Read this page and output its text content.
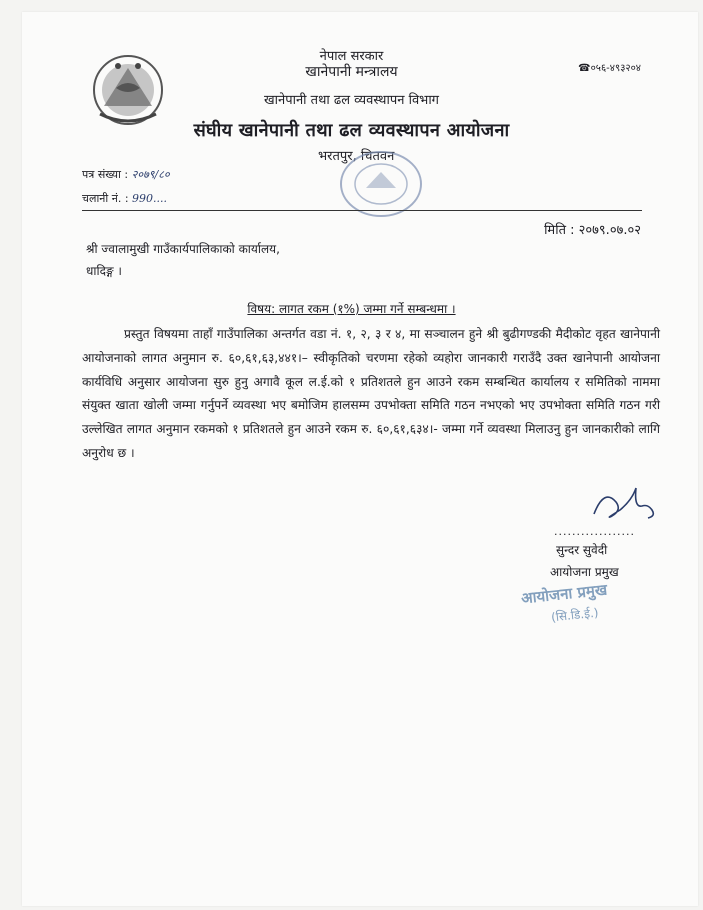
☎०५६-४९३२०४
नेपाल सरकार
खानेपानी मन्त्रालय
खानेपानी तथा ढल व्यवस्थापन विभाग
संघीय खानेपानी तथा ढल व्यवस्थापन आयोजना
भरतपुर, चितवन
पत्र संख्या : २०७९/८०
चलानी नं. : 990....
मिति : २०७९.०७.०२
श्री ज्वालामुखी गाउँकार्यपालिकाको कार्यालय,
धादिङ्ग ।
विषय: लागत रकम (१%) जम्मा गर्ने सम्बन्धमा ।
प्रस्तुत विषयमा ताहाँ गाउँपालिका अन्तर्गत वडा नं. १, २, ३ र ४, मा सञ्चालन हुने श्री बुढीगण्डकी मैदीकोट वृहत खानेपानी आयोजनाको लागत अनुमान रु. ६०,६१,६३,४४१।– स्वीकृतिको चरणमा रहेको व्यहोरा जानकारी गराउँदै उक्त खानेपानी आयोजना कार्यविधि अनुसार आयोजना सुरु हुनु अगावै कूल ल.ई.को १ प्रतिशतले हुन आउने रकम सम्बन्धित कार्यालय र समितिको नाममा संयुक्त खाता खोली जम्मा गर्नुपर्ने व्यवस्था भए बमोजिम हालसम्म उपभोक्ता समिति गठन नभएको भए उपभोक्ता समिति गठन गरी उल्लेखित लागत अनुमान रकमको १ प्रतिशतले हुन आउने रकम रु. ६०,६१,६३४।- जम्मा गर्ने व्यवस्था मिलाउनु हुन जानकारीको लागि अनुरोध छ ।
..................
सुन्दर सुवेदी
आयोजना प्रमुख
आयोजना प्रमुख
(सि.डि.ई.)
